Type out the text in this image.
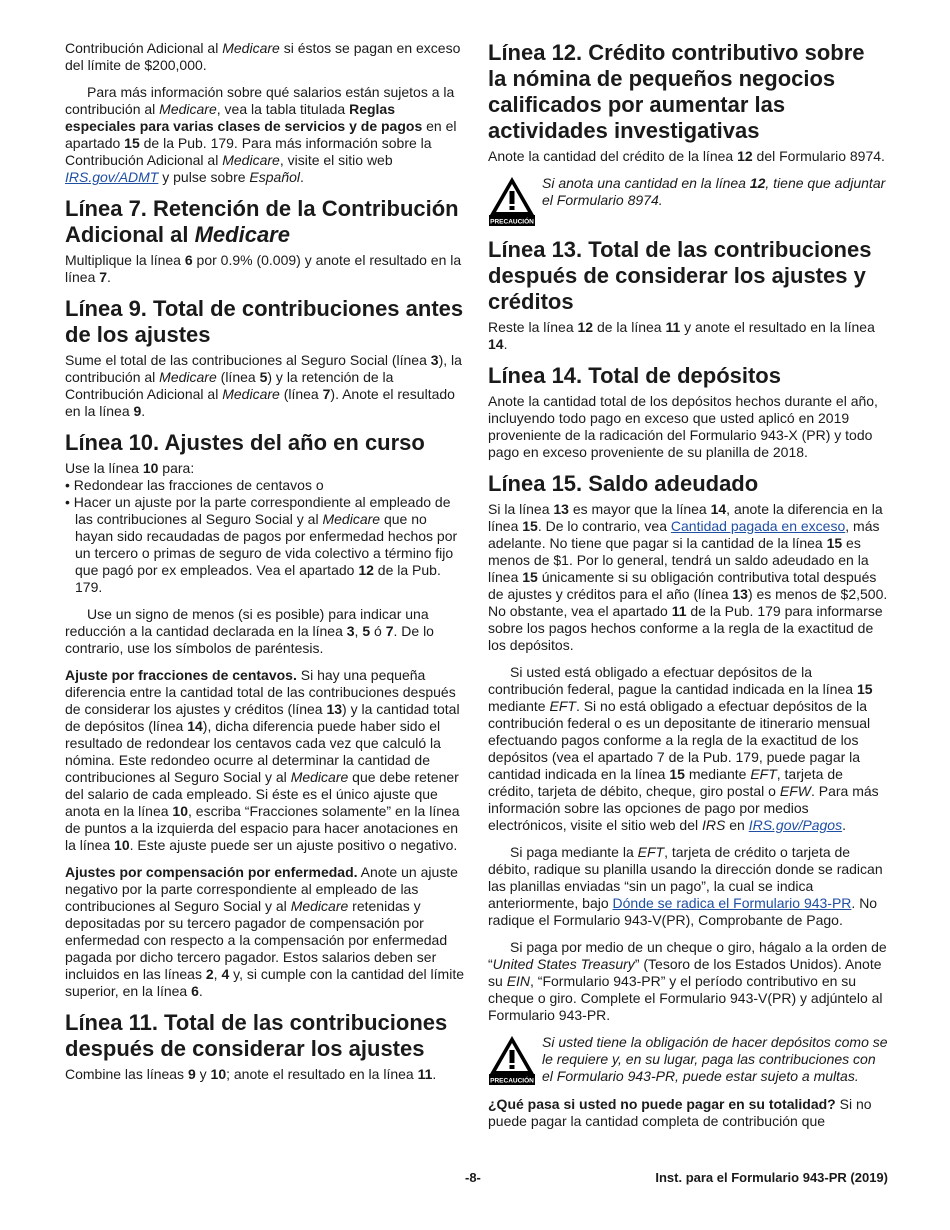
Contribución Adicional al Medicare si éstos se pagan en exceso del límite de $200,000.

Para más información sobre qué salarios están sujetos a la contribución al Medicare, vea la tabla titulada Reglas especiales para varias clases de servicios y de pagos en el apartado 15 de la Pub. 179. Para más información sobre la Contribución Adicional al Medicare, visite el sitio web IRS.gov/ADMT y pulse sobre Español.

Línea 7. Retención de la Contribución Adicional al Medicare

Multiplique la línea 6 por 0.9% (0.009) y anote el resultado en la línea 7.

Línea 9. Total de contribuciones antes de los ajustes

Sume el total de las contribuciones al Seguro Social (línea 3), la contribución al Medicare (línea 5) y la retención de la Contribución Adicional al Medicare (línea 7). Anote el resultado en la línea 9.

Línea 10. Ajustes del año en curso

Use la línea 10 para:

• Redondear las fracciones de centavos o
• Hacer un ajuste por la parte correspondiente al empleado de las contribuciones al Seguro Social y al Medicare que no hayan sido recaudadas de pagos por enfermedad hechos por un tercero o primas de seguro de vida colectivo a término fijo que pagó por ex empleados. Vea el apartado 12 de la Pub. 179.

Use un signo de menos (si es posible) para indicar una reducción a la cantidad declarada en la línea 3, 5 ó 7. De lo contrario, use los símbolos de paréntesis.

Ajuste por fracciones de centavos. Si hay una pequeña diferencia entre la cantidad total de las contribuciones después de considerar los ajustes y créditos (línea 13) y la cantidad total de depósitos (línea 14), dicha diferencia puede haber sido el resultado de redondear los centavos cada vez que calculó la nómina. Este redondeo ocurre al determinar la cantidad de contribuciones al Seguro Social y al Medicare que debe retener del salario de cada empleado. Si éste es el único ajuste que anota en la línea 10, escriba “Fracciones solamente” en la línea de puntos a la izquierda del espacio para hacer anotaciones en la línea 10. Este ajuste puede ser un ajuste positivo o negativo.

Ajustes por compensación por enfermedad. Anote un ajuste negativo por la parte correspondiente al empleado de las contribuciones al Seguro Social y al Medicare retenidas y depositadas por su tercero pagador de compensación por enfermedad con respecto a la compensación por enfermedad pagada por dicho tercero pagador. Estos salarios deben ser incluidos en las líneas 2, 4 y, si cumple con la cantidad del límite superior, en la línea 6.

Línea 11. Total de las contribuciones después de considerar los ajustes

Combine las líneas 9 y 10; anote el resultado en la línea 11.

Línea 12. Crédito contributivo sobre la nómina de pequeños negocios calificados por aumentar las actividades investigativas

Anote la cantidad del crédito de la línea 12 del Formulario 8974.

PRECAUCIÓN
Si anota una cantidad en la línea 12, tiene que adjuntar el Formulario 8974.
Línea 13. Total de las contribuciones después de considerar los ajustes y créditos

Reste la línea 12 de la línea 11 y anote el resultado en la línea 14.

Línea 14. Total de depósitos

Anote la cantidad total de los depósitos hechos durante el año, incluyendo todo pago en exceso que usted aplicó en 2019 proveniente de la radicación del Formulario 943-X (PR) y todo pago en exceso proveniente de su planilla de 2018.

Línea 15. Saldo adeudado

Si la línea 13 es mayor que la línea 14, anote la diferencia en la línea 15. De lo contrario, vea Cantidad pagada en exceso, más adelante. No tiene que pagar si la cantidad de la línea 15 es menos de $1. Por lo general, tendrá un saldo adeudado en la línea 15 únicamente si su obligación contributiva total después de ajustes y créditos para el año (línea 13) es menos de $2,500. No obstante, vea el apartado 11 de la Pub. 179 para informarse sobre los pagos hechos conforme a la regla de la exactitud de los depósitos.

Si usted está obligado a efectuar depósitos de la contribución federal, pague la cantidad indicada en la línea 15 mediante EFT. Si no está obligado a efectuar depósitos de la contribución federal o es un depositante de itinerario mensual efectuando pagos conforme a la regla de la exactitud de los depósitos (vea el apartado 7 de la Pub. 179, puede pagar la cantidad indicada en la línea 15 mediante EFT, tarjeta de crédito, tarjeta de débito, cheque, giro postal o EFW. Para más información sobre las opciones de pago por medios electrónicos, visite el sitio web del IRS en IRS.gov/Pagos.

Si paga mediante la EFT, tarjeta de crédito o tarjeta de débito, radique su planilla usando la dirección donde se radican las planillas enviadas “sin un pago”, la cual se indica anteriormente, bajo Dónde se radica el Formulario 943-PR. No radique el Formulario 943-V(PR), Comprobante de Pago.

Si paga por medio de un cheque o giro, hágalo a la orden de “United States Treasury” (Tesoro de los Estados Unidos). Anote su EIN, “Formulario 943-PR” y el período contributivo en su cheque o giro. Complete el Formulario 943-V(PR) y adjúntelo al Formulario 943-PR.

PRECAUCIÓN
Si usted tiene la obligación de hacer depósitos como se le requiere y, en su lugar, paga las contribuciones con el Formulario 943-PR, puede estar sujeto a multas.

¿Qué pasa si usted no puede pagar en su totalidad? Si no puede pagar la cantidad completa de contribución que

-8-	Inst. para el Formulario 943-PR (2019)
